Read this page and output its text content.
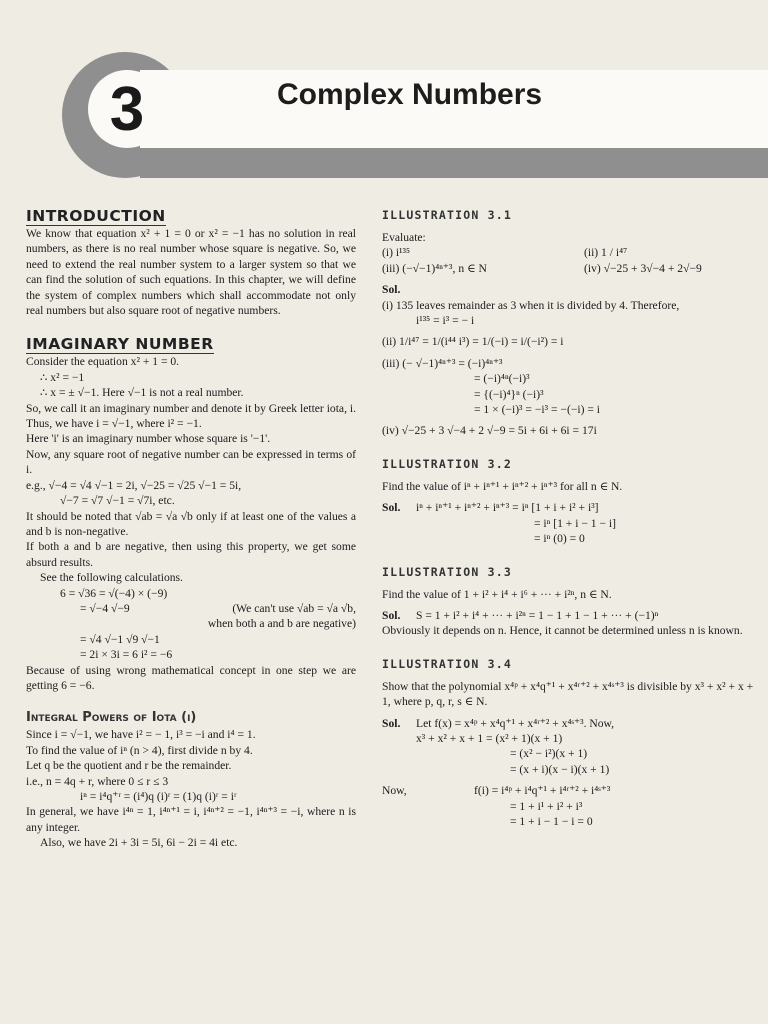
3	Complex Numbers
INTRODUCTION

We know that equation x² + 1 = 0 or x² = −1 has no solution in real numbers, as there is no real number whose square is negative. So, we need to extend the real number system to a larger system so that we can find the solution of such equations. In this chapter, we will define the system of complex numbers which shall accommodate not only real numbers but also square root of negative numbers.

IMAGINARY NUMBER

Consider the equation x² + 1 = 0.

∴ x² = −1

∴ x = ± √−1. Here √−1 is not a real number.

So, we call it an imaginary number and denote it by Greek letter iota, i.

Thus, we have i = √−1, where i² = −1.

Here 'i' is an imaginary number whose square is '−1'.

Now, any square root of negative number can be expressed in terms of i.

e.g., √−4 = √4 √−1 = 2i, √−25 = √25 √−1 = 5i,

√−7 = √7 √−1 = √7i, etc.

It should be noted that √ab = √a √b only if at least one of the values a and b is non-negative.

If both a and b are negative, then using this property, we get some absurd results.

See the following calculations.

6 = √36 = √(−4) × (−9)

= √−4 √−9	(We can't use √ab = √a √b,

when both a and b are negative)

= √4 √−1 √9 √−1

= 2i × 3i = 6 i² = −6

Because of using wrong mathematical concept in one step we are getting 6 = −6.

Integral Powers of Iota (i)

Since i = √−1, we have i² = − 1, i³ = −i and i⁴ = 1.

To find the value of iⁿ (n > 4), first divide n by 4.

Let q be the quotient and r be the remainder.

i.e., n = 4q + r, where 0 ≤ r ≤ 3

iⁿ = i⁴q⁺ʳ = (i⁴)q (i)ʳ = (1)q (i)ʳ = iʳ

In general, we have i⁴ⁿ = 1, i⁴ⁿ⁺¹ = i, i⁴ⁿ⁺² = −1, i⁴ⁿ⁺³ = −i, where n is any integer.

Also, we have 2i + 3i = 5i, 6i − 2i = 4i etc.

ILLUSTRATION 3.1

Evaluate:

(i) i¹³⁵	(ii) 1 / i⁴⁷
(iii) (−√−1)⁴ⁿ⁺³, n ∈ N	(iv) √−25 + 3√−4 + 2√−9

Sol.

(i) 135 leaves remainder as 3 when it is divided by 4. Therefore,

i¹³⁵ = i³ = − i

(ii) 1/i⁴⁷ = 1/(i⁴⁴ i³) = 1/(−i) = i/(−i²) = i

(iii) (− √−1)⁴ⁿ⁺³ = (−i)⁴ⁿ⁺³

= (−i)⁴ⁿ(−i)³

= {(−i)⁴}ⁿ (−i)³

= 1 × (−i)³ = −i³ = −(−i) = i

(iv) √−25 + 3 √−4 + 2 √−9 = 5i + 6i + 6i = 17i

ILLUSTRATION 3.2

Find the value of iⁿ + iⁿ⁺¹ + iⁿ⁺² + iⁿ⁺³ for all n ∈ N.

Sol. iⁿ + iⁿ⁺¹ + iⁿ⁺² + iⁿ⁺³ = iⁿ [1 + i + i² + i³]

= iⁿ [1 + i − 1 − i]

= iⁿ (0) = 0

ILLUSTRATION 3.3

Find the value of 1 + i² + i⁴ + i⁶ + ··· + i²ⁿ, n ∈ N.

Sol. S = 1 + i² + i⁴ + ··· + i²ⁿ = 1 − 1 + 1 − 1 + ··· + (−1)ⁿ

Obviously it depends on n. Hence, it cannot be determined unless n is known.

ILLUSTRATION 3.4

Show that the polynomial x⁴ᵖ + x⁴q⁺¹ + x⁴ʳ⁺² + x⁴ˢ⁺³ is divisible by x³ + x² + x + 1, where p, q, r, s ∈ N.

Sol. Let f(x) = x⁴ᵖ + x⁴q⁺¹ + x⁴ʳ⁺² + x⁴ˢ⁺³. Now,

x³ + x² + x + 1 = (x² + 1)(x + 1)

= (x² − i²)(x + 1)

= (x + i)(x − i)(x + 1)

Now,	f(i) = i⁴ᵖ + i⁴q⁺¹ + i⁴ʳ⁺² + i⁴ˢ⁺³

= 1 + i¹ + i² + i³

= 1 + i − 1 − i = 0
